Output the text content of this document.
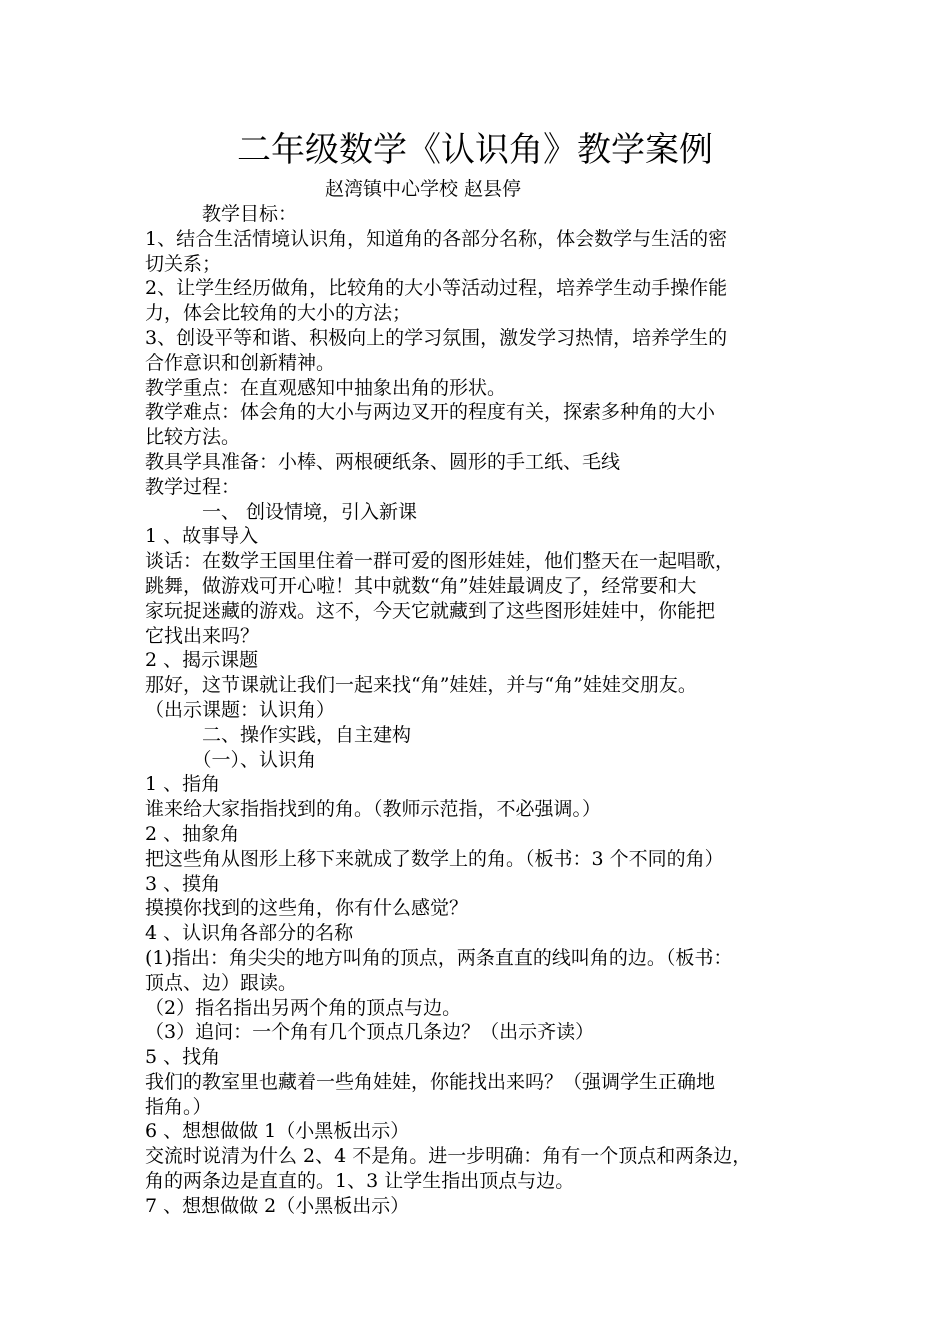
二年级数学《认识角》教学案例
赵湾镇中心学校 赵县停
　　　教学目标：
1、结合生活情境认识角，知道角的各部分名称，体会数学与生活的密
切关系；
2、让学生经历做角，比较角的大小等活动过程，培养学生动手操作能
力，体会比较角的大小的方法；
3、创设平等和谐、积极向上的学习氛围，激发学习热情，培养学生的
合作意识和创新精神。
教学重点：在直观感知中抽象出角的形状。
教学难点：体会角的大小与两边叉开的程度有关，探索多种角的大小
比较方法。
教具学具准备：小棒、两根硬纸条、圆形的手工纸、毛线
教学过程：
　　　一、 创设情境，引入新课
1 、故事导入
谈话：在数学王国里住着一群可爱的图形娃娃，他们整天在一起唱歌，
跳舞，做游戏可开心啦！其中就数“角”娃娃最调皮了，经常要和大
家玩捉迷藏的游戏。这不，今天它就藏到了这些图形娃娃中，你能把
它找出来吗？
2 、揭示课题
那好，这节课就让我们一起来找“角”娃娃，并与“角”娃娃交朋友。
（出示课题：认识角）
　　　二、操作实践，自主建构
　　　（一）、认识角
1 、指角
谁来给大家指指找到的角。（教师示范指，不必强调。）
2 、抽象角
把这些角从图形上移下来就成了数学上的角。（板书：3 个不同的角）
3 、摸角
摸摸你找到的这些角，你有什么感觉？
4 、认识角各部分的名称
(1)指出：角尖尖的地方叫角的顶点，两条直直的线叫角的边。（板书：
顶点、边）跟读。
（2）指名指出另两个角的顶点与边。
（3）追问：一个角有几个顶点几条边？（出示齐读）
5 、找角
我们的教室里也藏着一些角娃娃，你能找出来吗？（强调学生正确地
指角。）
6 、想想做做 1（小黑板出示）
交流时说清为什么 2、4 不是角。进一步明确：角有一个顶点和两条边，
角的两条边是直直的。1、3 让学生指出顶点与边。
7 、想想做做 2（小黑板出示）
